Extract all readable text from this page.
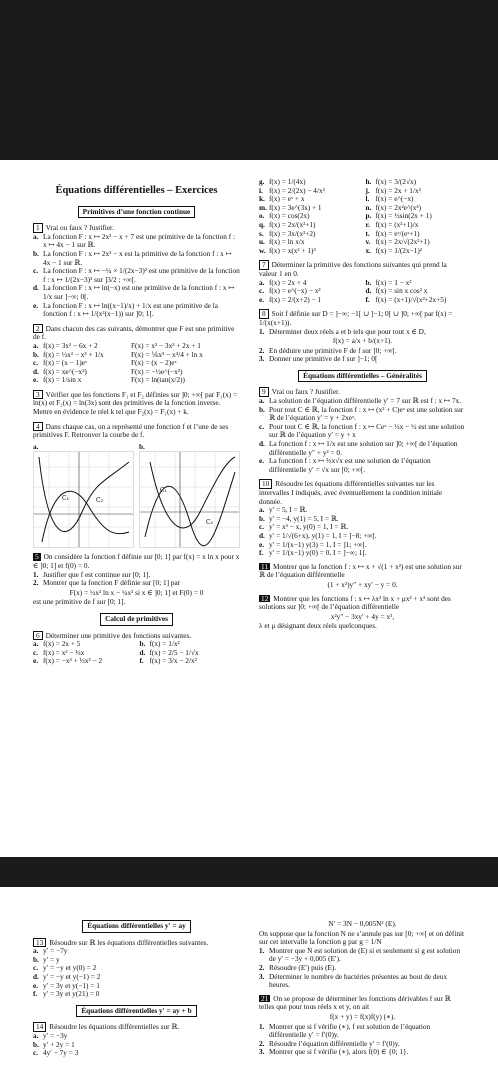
Équations différentielles – Exercices
Primitives d’une fonction continue
1 Vrai ou faux ? Justifier.
a. La fonction F : x ↦ 2x² − x + 7 est une primitive de la fonction f : x ↦ 4x − 1 sur ℝ.
b. La fonction F : x ↦ 2x² − x est la primitive de la fonction f : x ↦ 4x − 1 sur ℝ.
c. La fonction F : x ↦ −¼ × 1/(2x−3)² est une primitive de la fonction f : x ↦ 1/(2x−3)³ sur ]3/2 ; +∞[.
d. La fonction F : x ↦ ln(−x) est une primitive de la fonction f : x ↦ 1/x sur ]−∞; 0[.
e. La fonction F : x ↦ ln((x−1)/x) + 1/x est une primitive de la fonction f : x ↦ 1/(x²(x−1)) sur ]0; 1[.
2 Dans chacun des cas suivants, démontrer que F est une primitive de f.
a. f(x) = 3x² − 6x + 2	F(x) = x³ − 3x² + 2x + 1
b. f(x) = ½x² − x³ + 1/x	F(x) = ⅙x³ − x⁴/4 + ln x
c. f(x) = (x − 1)eˣ	F(x) = (x − 2)eˣ
d. f(x) = xe^(−x²)	F(x) = −½e^(−x²)
e. f(x) = 1/sin x	F(x) = ln(tan(x/2))
3 Vérifier que les fonctions F₁ et F₂ définies sur ]0; +∞[ par F₁(x) = ln(x) et F₂(x) = ln(3x) sont des primitives de la fonction inverse.
Mettre en évidence le réel k tel que F₂(x) = F₁(x) + k.
4 Dans chaque cas, on a représenté une fonction f et l’une de ses primitives F. Retrouver la courbe de f.
a.
C₁	C₂
b.
C₁
C₂
5 On considère la fonction f définie sur [0; 1] par f(x) = x ln x pour x ∈ ]0; 1] et f(0) = 0.
1. Justifier que f est continue sur [0; 1].
2. Montrer que la fonction F définie sur [0; 1] par
F(x) = ½x² ln x − ¼x² si x ∈ ]0; 1] et F(0) = 0
est une primitive de f sur [0; 1].
Calcul de primitives
6 Déterminer une primitive des fonctions suivantes.
a. f(x) = 2x + 5	b. f(x) = 1/x²
c. f(x) = x² − ⅓x	d. f(x) = 2/5 − 1/√x
e. f(x) = −x³ + ⅓x² − 2	f. f(x) = 3/x − 2/x²
g. f(x) = 1/(4x)	h. f(x) = 3/(2√x)
i. f(x) = 2/(2x) − 4/x²	j. f(x) = 2x + 1/x²
k. f(x) = eˣ + x	l. f(x) = e^(−x)
m. f(x) = 3e^(3x) + 1	n. f(x) = 2x²e^(x³)
o. f(x) = cos(2x)	p. f(x) = ½sin(2x + 1)
q. f(x) = 2x/(x²+1)	r. f(x) = (x²+1)/x
s. f(x) = 3x/(x²+2)	t. f(x) = eˣ/(eˣ+1)
u. f(x) = ln x/x	v. f(x) = 2x/√(2x²+1)
w. f(x) = x(x² + 1)³	x. f(x) = 1/(2x−1)²
7 Déterminer la primitive des fonctions suivantes qui prend la valeur 1 en 0.
a. f(x) = 2x + 4	b. f(x) = 1 − x²
c. f(x) = e^(−x) − x²	d. f(x) = sin x cos² x
e. f(x) = 2/(x+2) − 1	f. f(x) = (x+1)/√(x²+2x+5)
8 Soit f définie sur D = ]−∞; −1[ ∪ ]−1; 0[ ∪ ]0; +∞[ par f(x) = 1/(x(x+1)).
1. Déterminer deux réels a et b tels que pour tout x ∈ D,
f(x) = a/x + b/(x+1).
2. En déduire une primitive F de f sur ]0; +∞[.
3. Donner une primitive de f sur ]−1; 0[
Équations différentielles – Généralités
9 Vrai ou faux ? Justifier.
a. La solution de l’équation différentielle y′ = 7 sur ℝ est f : x ↦ 7x.
b. Pour tout C ∈ ℝ, la fonction f : x ↦ (x² + C)eˣ est une solution sur ℝ de l’équation y′ = y + 2xeˣ.
c. Pour tout C ∈ ℝ, la fonction f : x ↦ Ceˣ − ½x − ½ est une solution sur ℝ de l’équation y′ = y + x
d. La fonction f : x ↦ 1/x est une solution sur ]0; +∞[ de l’équation différentielle y″ + y² = 0.
e. La fonction f : x ↦ ⅔x√x est une solution de l’équation différentielle y′ = √x sur [0; +∞[.
10 Résoudre les équations différentielles suivantes sur les intervalles I indiqués, avec éventuellement la condition initiale donnée.
a. y′ = 5, I = ℝ.
b. y′ = −4, y(1) = 5, I = ℝ.
c. y′ = x³ − x, y(0) = 1, I = ℝ.
d. y′ = 1/√(6+x), y(1) = 1, I = ]−8; +∞[.
e. y′ = 1/(x−1) y(3) = 1, I = ]1; +∞[.
f. y′ = 1/(x−1) y(0) = 0, I = ]−∞; 1[.
11 Montrer que la fonction f : x ↦ x + √(1 + x²) est une solution sur ℝ de l’équation différentielle
(1 + x²)y″ + xy′ − y = 0.
12 Montrer que les fonctions f : x ↦ λx² ln x + μx² + x³ sont des solutions sur ]0; +∞[ de l’équation différentielle
x²y″ − 3xy′ + 4y = x³,
λ et μ désignant deux réels quelconques.
Équations différentielles y′ = ay
13 Résoudre sur ℝ les équations différentielles suivantes.
a. y′ = −7y
b. y′ = y
c. y′ = −y et y(0) = 2
d. y′ = −y et y(−1) = 2
e. y′ = 3y et y(−1) = 1
f. y′ = 3y et y(21) = 0
Équations différentielles y′ = ay + b
14 Résoudre les équations différentielles sur ℝ.
a. y′ = −3y
b. y′ + 2y = 1
c. 4y′ − 7y = 3
N′ = 3N − 0,005N² (E).
On suppose que la fonction N ne s’annule pas sur [0; +∞[ et on définit sur cet intervalle la fonction g par g = 1/N
1. Montrer que N est solution de (E) si et seulement si g est solution de y′ = −3y + 0,005 (E′).
2. Résoudre (E′) puis (E).
3. Déterminer le nombre de bactéries présentes au bout de deux heures.
21 On se propose de déterminer les fonctions dérivables f sur ℝ telles que pour tous réels x et y, on ait
f(x + y) = f(x)f(y) (∗).
1. Montrer que si f vérifie (∗), f est solution de l’équation différentielle y′ = f′(0)y.
2. Résoudre l’équation différentielle y′ = f′(0)y.
3. Montrer que si f vérifie (∗), alors f(0) ∈ {0; 1}.
